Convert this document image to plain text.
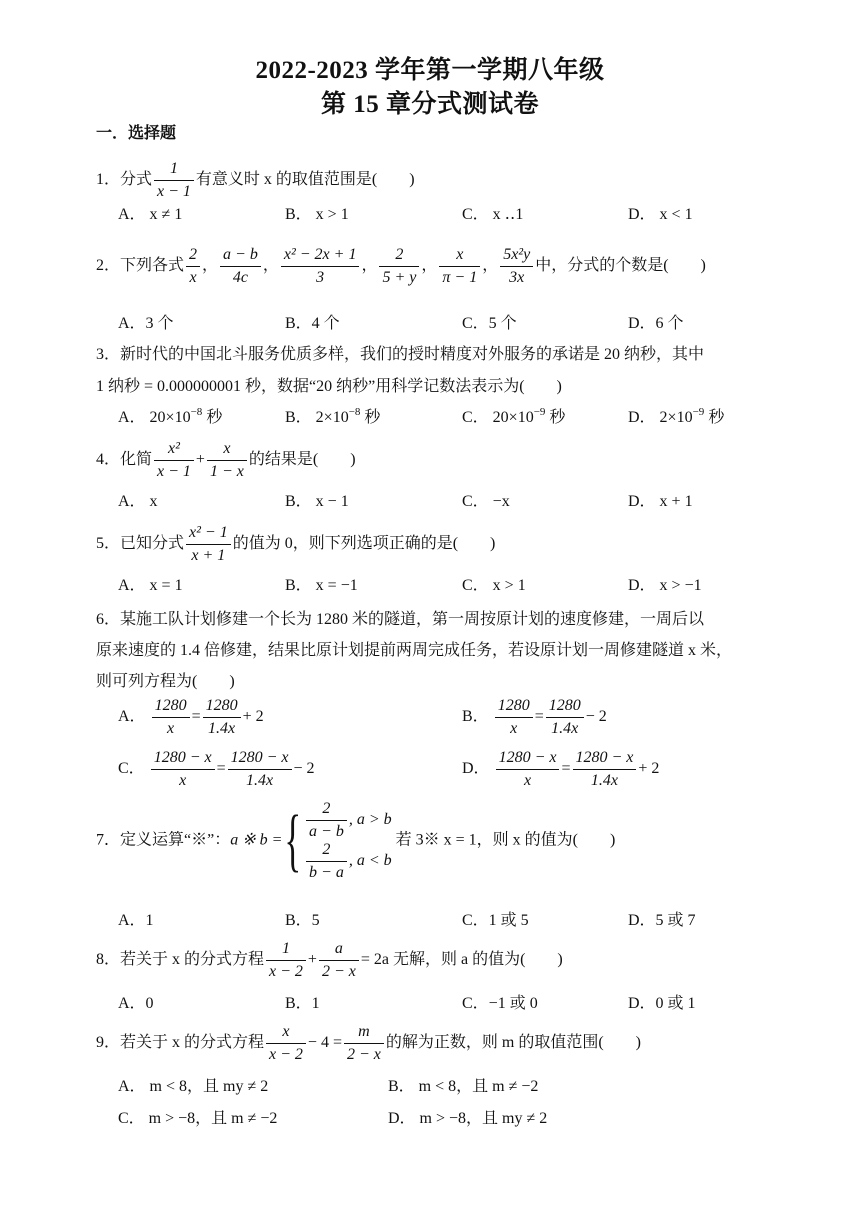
2022-2023 学年第一学期八年级
第 15 章分式测试卷
一．选择题
1．分式 $\frac{1}{x - 1}$ 有意义时 x 的取值范围是(　　)
A． x ≠ 1	B． x > 1	C． x ‥1	D． x < 1
2．下列各式 $\frac{2}{x}$ ， $\frac{a - b}{4c}$ ， $\frac{\text{x² − 2x + 1}}{3}$ ， $\frac{2}{5 + y}$ ， $\frac{x}{\pi - 1}$ ， $\frac{\text{5x²y}}{3x}$ 中，分式的个数是(　　)
A．3 个	B．4 个	C．5 个	D．6 个
3．新时代的中国北斗服务优质多样，我们的授时精度对外服务的承诺是 20 纳秒，其中
1 纳秒 = 0.000000001 秒，数据“20 纳秒”用科学记数法表示为(　　)
A． $20\times 10^{-8}$ 秒	B． $2\times 10^{-8}$ 秒	C． $20\times 10^{-9}$ 秒	D． $2\times 10^{-9}$ 秒
4．化简 $\frac{\text{x²}}{x - 1} + \frac{x}{1 - x}$ 的结果是(　　)
A． x	B． x − 1	C． −x	D． x + 1
5．已知分式 $\frac{\text{x² − 1}}{x + 1}$ 的值为 0，则下列选项正确的是(　　)
A． x = 1	B． x = −1	C． x > 1	D． x > −1
6．某施工队计划修建一个长为 1280 米的隧道，第一周按原计划的速度修建，一周后以
原来速度的 1.4 倍修建，结果比原计划提前两周完成任务，若设原计划一周修建隧道 x 米，
则可列方程为(　　)
A． $\frac{1280}{x} = \frac{1280}{1.4x} + 2$	B． $\frac{1280}{x} = \frac{1280}{1.4x} - 2$
C． $\frac{1280 - x}{x} = \frac{1280 - x}{1.4x} - 2$	D． $\frac{1280 - x}{x} = \frac{1280 - x}{1.4x} + 2$
7．定义运算“※”：a ※ b ={ $\frac{2}{a - b}$ , a > b
$\frac{2}{b - a}$ , a < b
若 3※ x = 1，则 x 的值为(　　)
A．1	B．5	C．1 或 5	D．5 或 7
8．若关于 x 的分式方程 $\frac{1}{x - 2} + \frac{a}{2 - x} = 2a$ 无解，则 a 的值为(　　)
A．0	B．1	C．−1 或 0	D．0 或 1
9．若关于 x 的分式方程 $\frac{x}{x - 2} - 4 = \frac{m}{2 - x}$ 的解为正数，则 m 的取值范围(　　)
A． m < 8，且 my ≠ 2	B． m < 8，且 m ≠ −2
C． m > −8，且 m ≠ −2	D． m > −8，且 my ≠ 2
